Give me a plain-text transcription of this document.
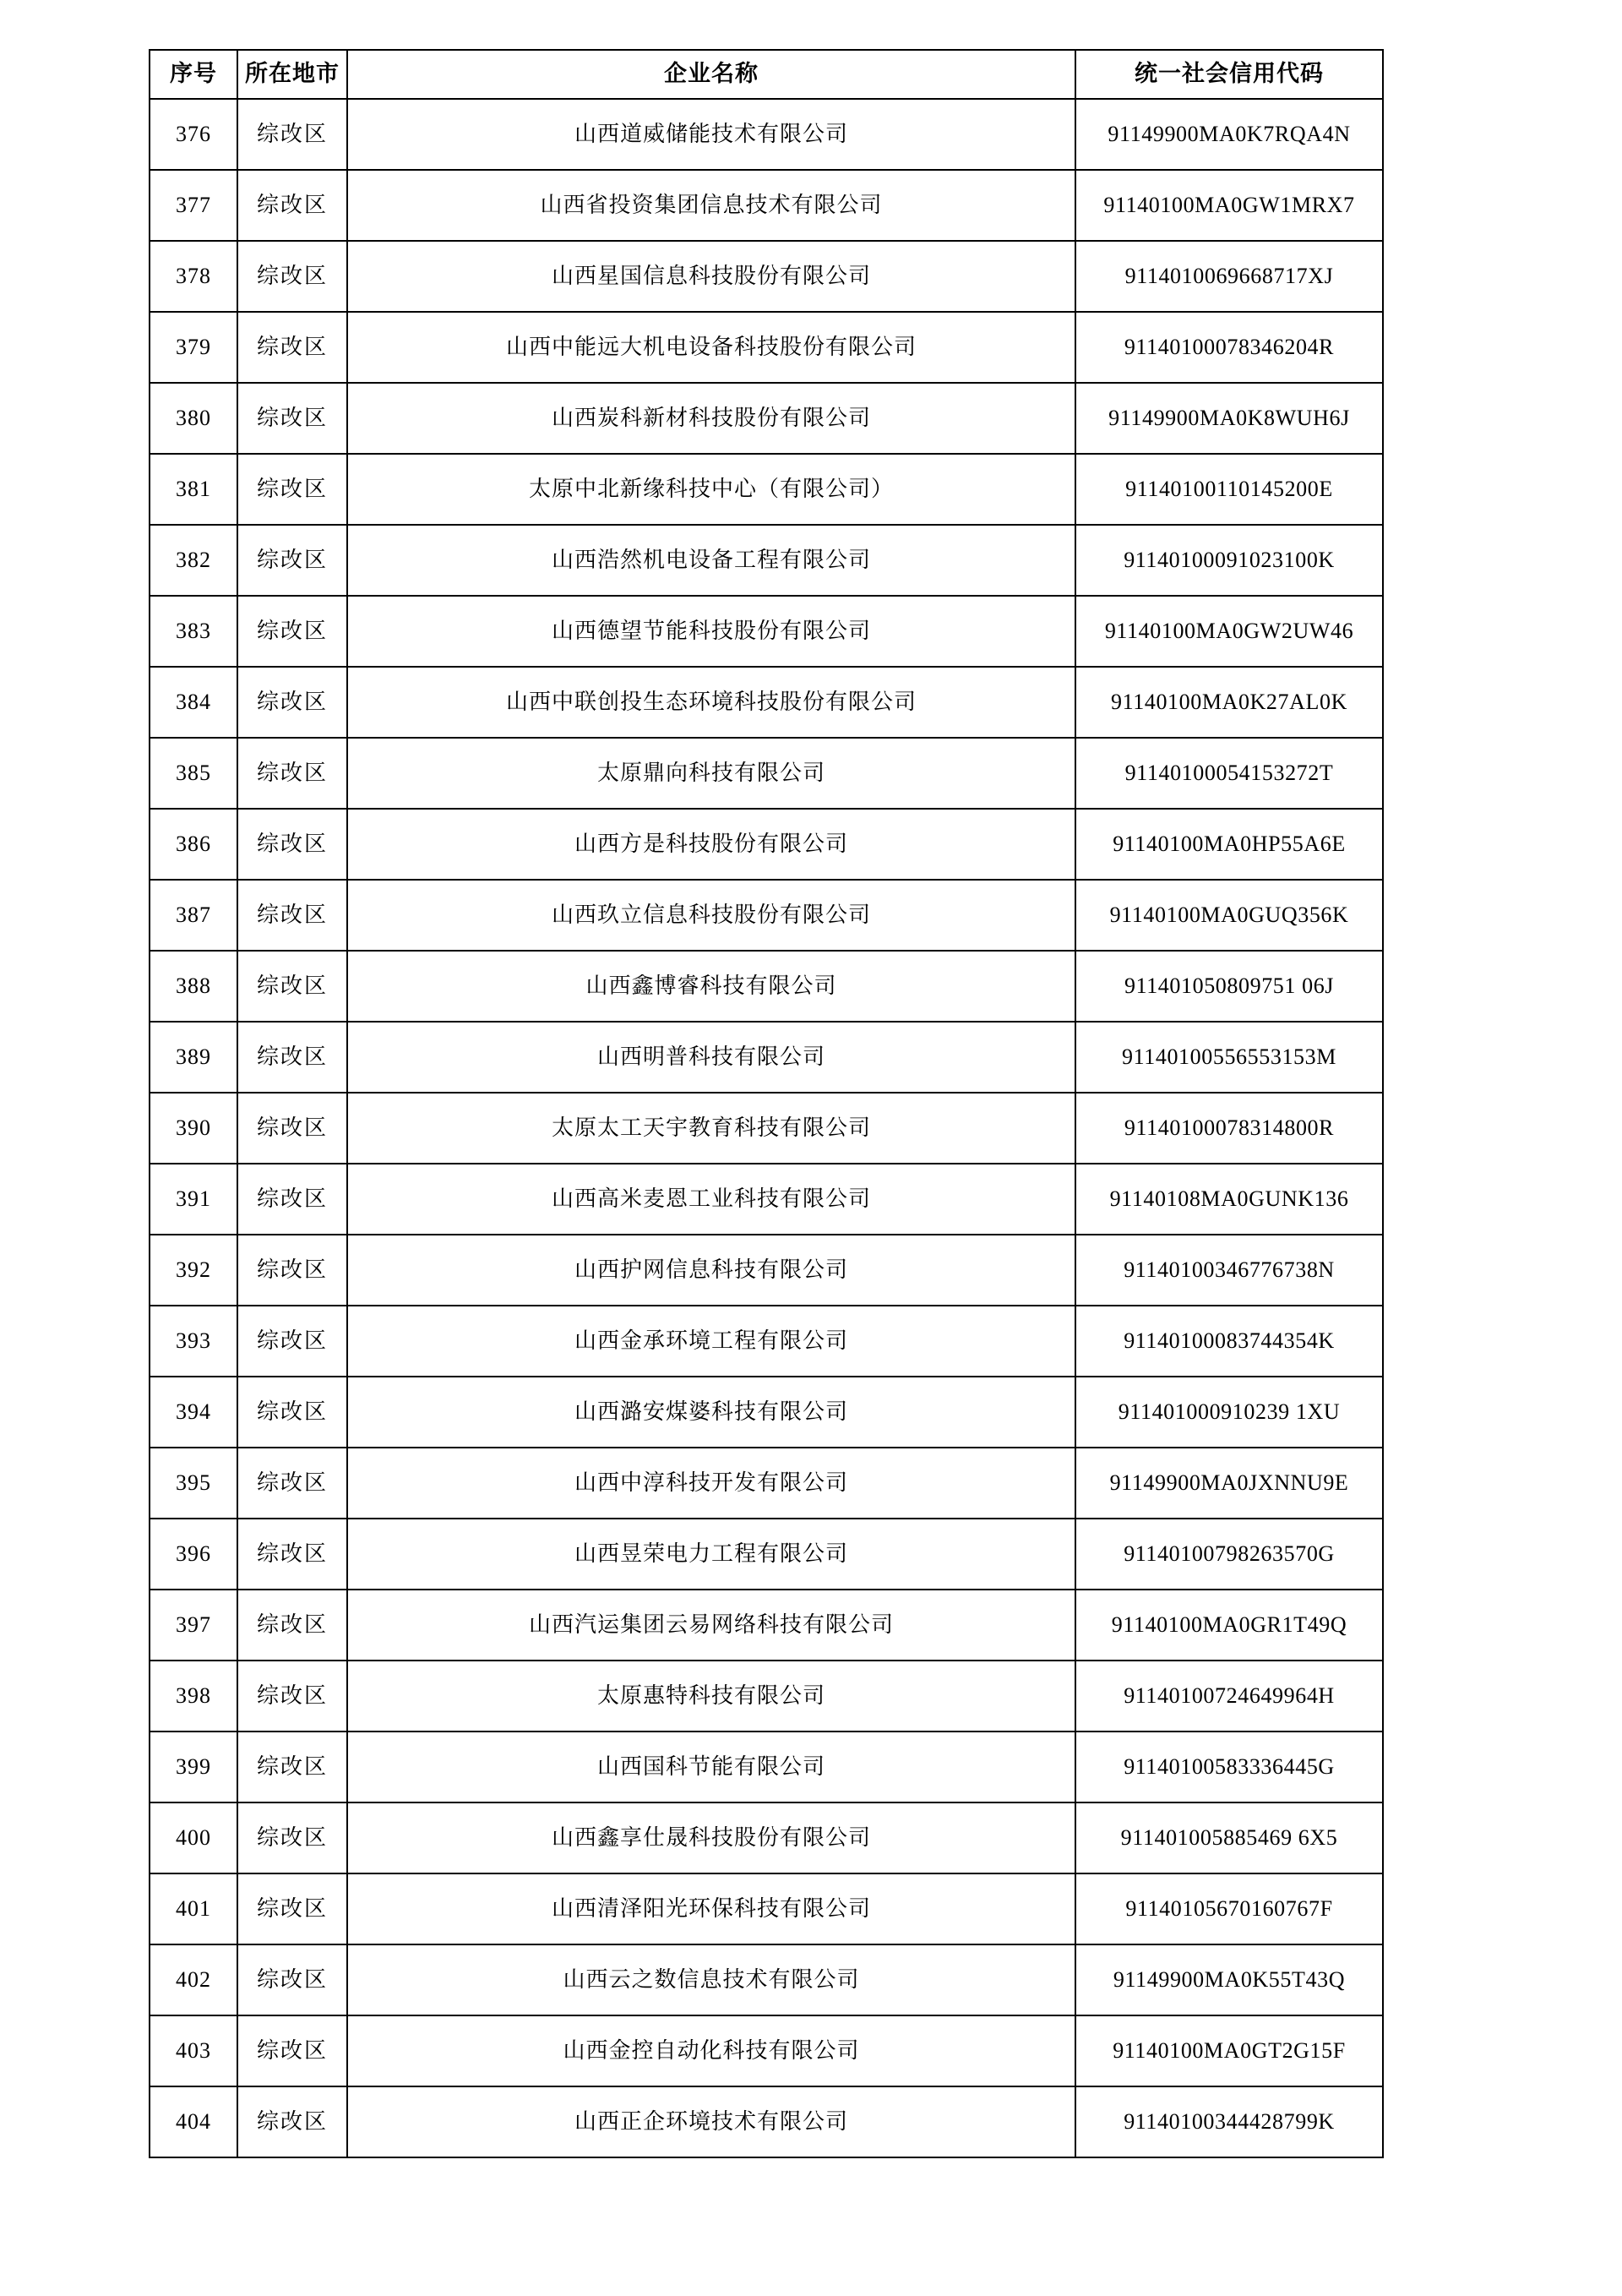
序号	所在地市	企业名称	统一社会信用代码
376	综改区	山西道威储能技术有限公司	91149900MA0K7RQA4N
377	综改区	山西省投资集团信息技术有限公司	91140100MA0GW1MRX7
378	综改区	山西星国信息科技股份有限公司	9114010069668717XJ
379	综改区	山西中能远大机电设备科技股份有限公司	91140100078346204R
380	综改区	山西炭科新材科技股份有限公司	91149900MA0K8WUH6J
381	综改区	太原中北新缘科技中心（有限公司）	91140100110145200E
382	综改区	山西浩然机电设备工程有限公司	91140100091023100K
383	综改区	山西德望节能科技股份有限公司	91140100MA0GW2UW46
384	综改区	山西中联创投生态环境科技股份有限公司	91140100MA0K27AL0K
385	综改区	太原鼎向科技有限公司	91140100054153272T
386	综改区	山西方是科技股份有限公司	91140100MA0HP55A6E
387	综改区	山西玖立信息科技股份有限公司	91140100MA0GUQ356K
388	综改区	山西鑫博睿科技有限公司	911401050809751 06J
389	综改区	山西明普科技有限公司	91140100556553153M
390	综改区	太原太工天宇教育科技有限公司	91140100078314800R
391	综改区	山西高米麦恩工业科技有限公司	91140108MA0GUNK136
392	综改区	山西护网信息科技有限公司	91140100346776738N
393	综改区	山西金承环境工程有限公司	91140100083744354K
394	综改区	山西潞安煤婆科技有限公司	911401000910239 1XU
395	综改区	山西中淳科技开发有限公司	91149900MA0JXNNU9E
396	综改区	山西昱荣电力工程有限公司	91140100798263570G
397	综改区	山西汽运集团云易网络科技有限公司	91140100MA0GR1T49Q
398	综改区	太原惠特科技有限公司	91140100724649964H
399	综改区	山西国科节能有限公司	91140100583336445G
400	综改区	山西鑫享仕晟科技股份有限公司	911401005885469 6X5
401	综改区	山西清泽阳光环保科技有限公司	91140105670160767F
402	综改区	山西云之数信息技术有限公司	91149900MA0K55T43Q
403	综改区	山西金控自动化科技有限公司	91140100MA0GT2G15F
404	综改区	山西正企环境技术有限公司	91140100344428799K
